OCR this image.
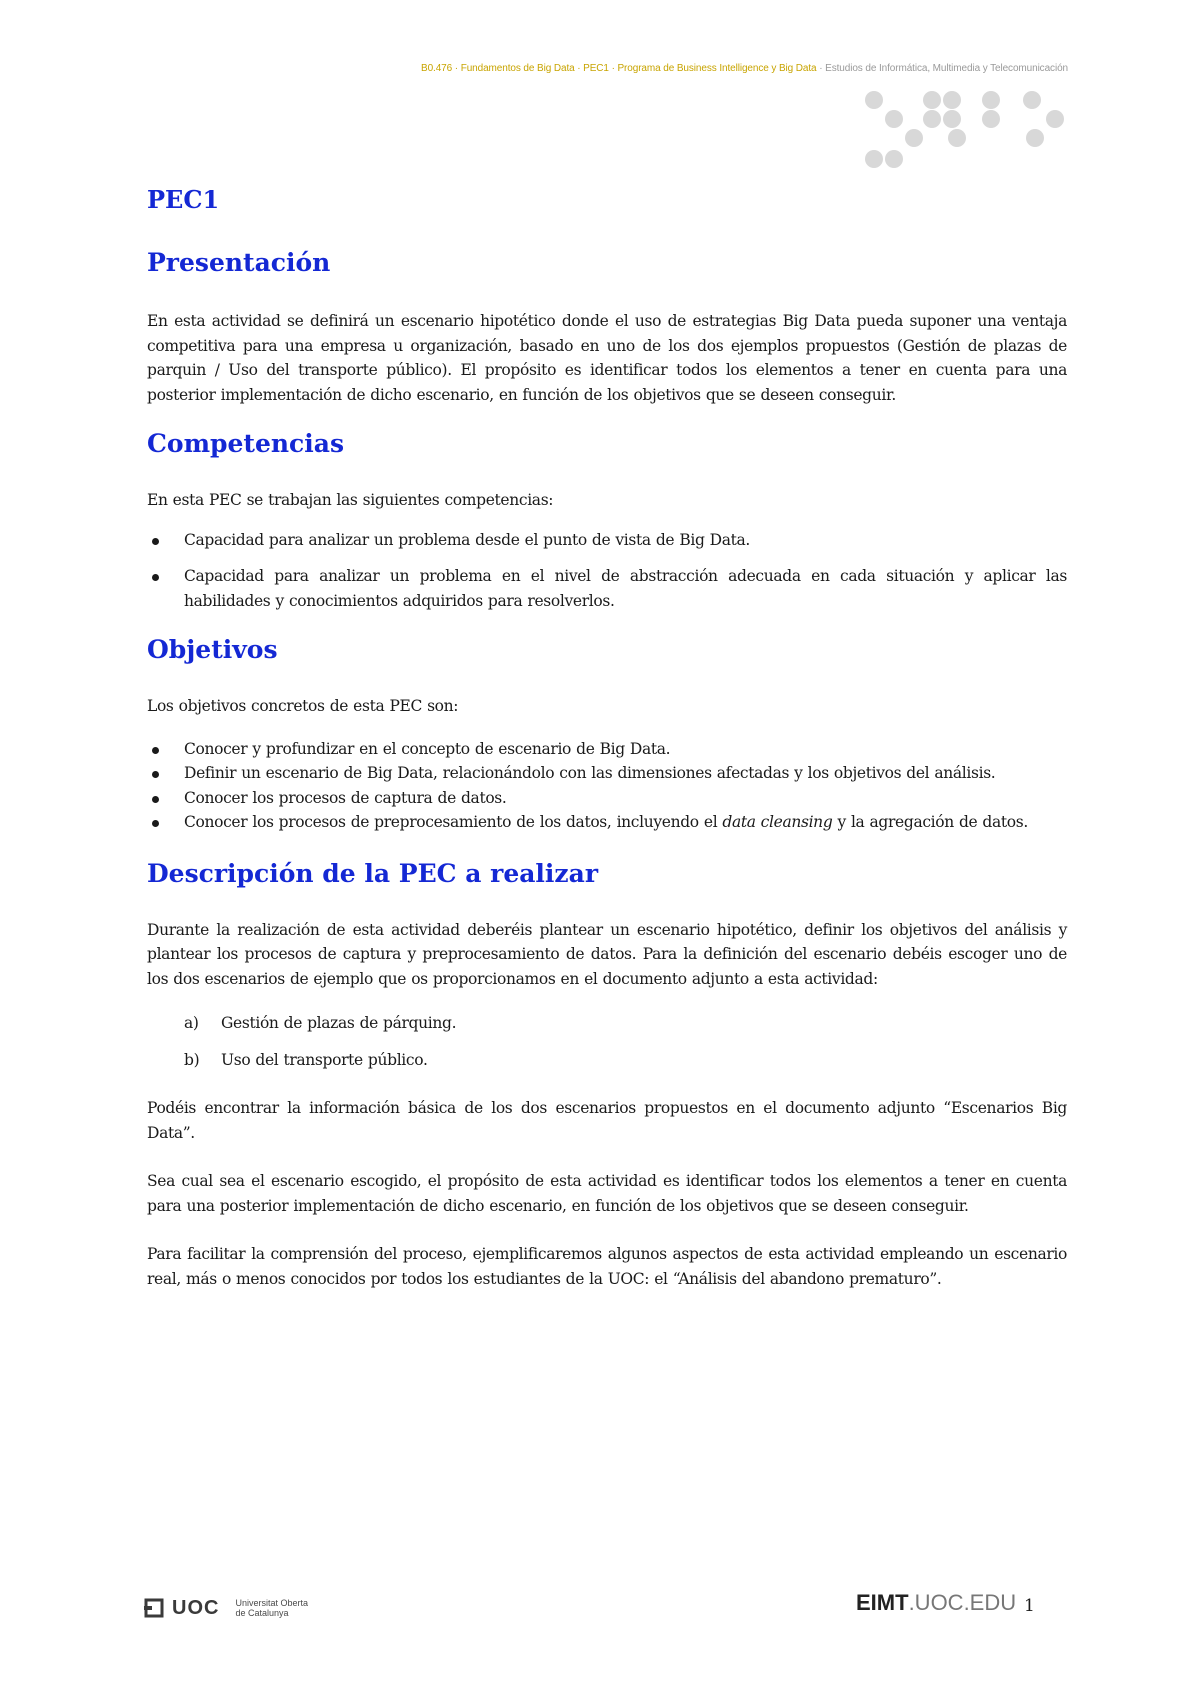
B0.476 · Fundamentos de Big Data · PEC1 · Programa de Business Intelligence y Big Data · Estudios de Informática, Multimedia y Telecomunicación
PEC1
Presentación

En esta actividad se definirá un escenario hipotético donde el uso de estrategias Big Data pueda suponer una ventaja competitiva para una empresa u organización, basado en uno de los dos ejemplos propuestos (Gestión de plazas de parquin / Uso del transporte público). El propósito es identificar todos los elementos a tener en cuenta para una posterior implementación de dicho escenario, en función de los objetivos que se deseen conseguir.

Competencias

En esta PEC se trabajan las siguientes competencias:

Capacidad para analizar un problema desde el punto de vista de Big Data.
Capacidad para analizar un problema en el nivel de abstracción adecuada en cada situación y aplicar las habilidades y conocimientos adquiridos para resolverlos.
Objetivos

Los objetivos concretos de esta PEC son:

Conocer y profundizar en el concepto de escenario de Big Data.
Definir un escenario de Big Data, relacionándolo con las dimensiones afectadas y los objetivos del análisis.
Conocer los procesos de captura de datos.
Conocer los procesos de preprocesamiento de los datos, incluyendo el data cleansing y la agregación de datos.
Descripción de la PEC a realizar

Durante la realización de esta actividad deberéis plantear un escenario hipotético, definir los objetivos del análisis y plantear los procesos de captura y preprocesamiento de datos. Para la definición del escenario debéis escoger uno de los dos escenarios de ejemplo que os proporcionamos en el documento adjunto a esta actividad:

a) Gestión de plazas de párquing.
b) Uso del transporte público.

Podéis encontrar la información básica de los dos escenarios propuestos en el documento adjunto “Escenarios Big Data”.

Sea cual sea el escenario escogido, el propósito de esta actividad es identificar todos los elementos a tener en cuenta para una posterior implementación de dicho escenario, en función de los objetivos que se deseen conseguir.

Para facilitar la comprensión del proceso, ejemplificaremos algunos aspectos de esta actividad empleando un escenario real, más o menos conocidos por todos los estudiantes de la UOC: el “Análisis del abandono prematuro”.

UOC Universitat Oberta
de Catalunya	EIMT.UOC.EDU 1
